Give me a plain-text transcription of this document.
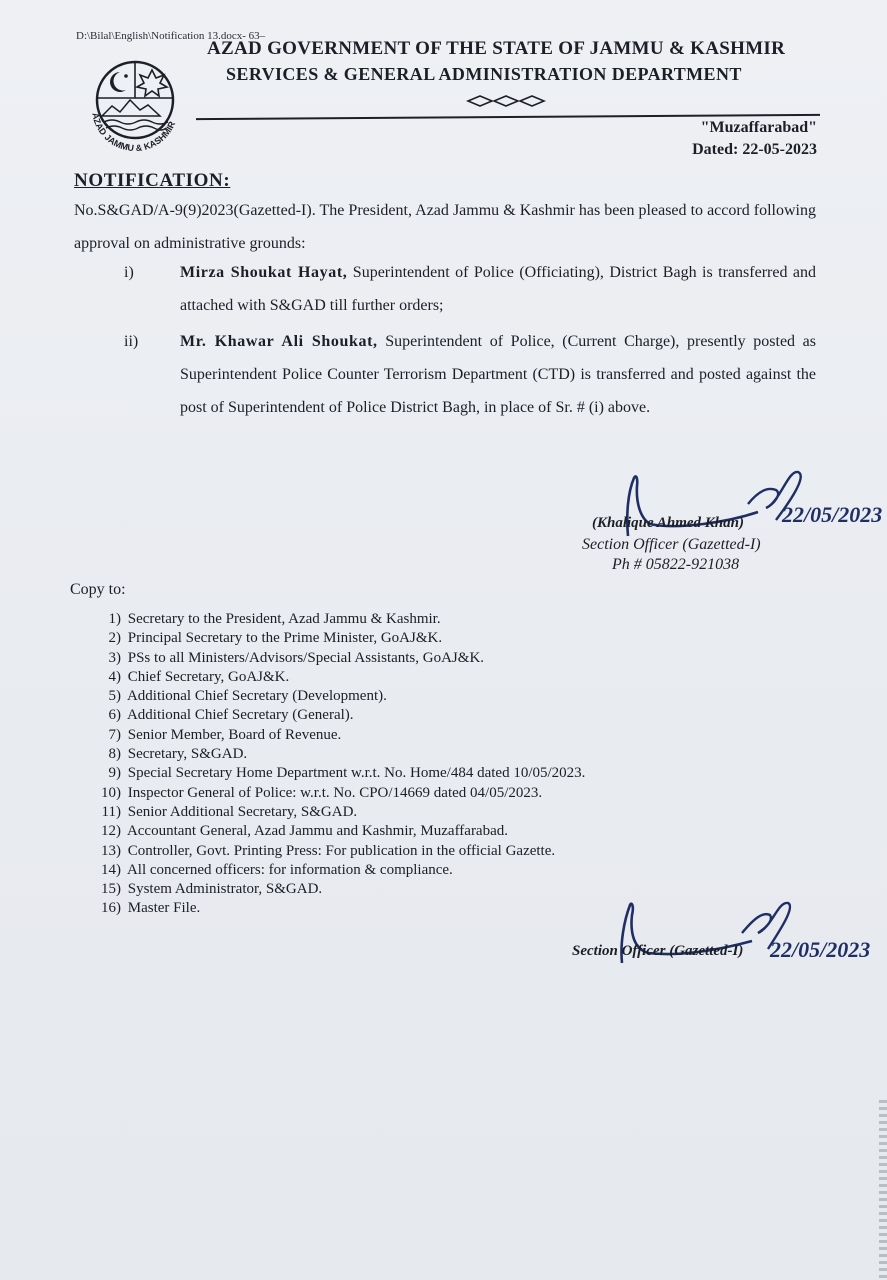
D:\Bilal\English\Notification 13.docx- 63–
AZAD JAMMU & KASHMIR
AZAD GOVERNMENT OF THE STATE OF JAMMU & KASHMIR
SERVICES & GENERAL ADMINISTRATION DEPARTMENT
"Muzaffarabad"
Dated: 22-05-2023
NOTIFICATION:
No.S&GAD/A-9(9)2023(Gazetted-I). The President, Azad Jammu & Kashmir has been pleased to accord following approval on administrative grounds:
i)	Mirza Shoukat Hayat, Superintendent of Police (Officiating), District Bagh is transferred and attached with S&GAD till further orders;
ii)	Mr. Khawar Ali Shoukat, Superintendent of Police, (Current Charge), presently posted as Superintendent Police Counter Terrorism Department (CTD) is transferred and posted against the post of Superintendent of Police District Bagh, in place of Sr. # (i) above.
22/05/2023
(Khalique Ahmed Khan)
Section Officer (Gazetted-I)
Ph # 05822-921038
Copy to:
1) Secretary to the President, Azad Jammu & Kashmir.
2) Principal Secretary to the Prime Minister, GoAJ&K.
3) PSs to all Ministers/Advisors/Special Assistants, GoAJ&K.
4) Chief Secretary, GoAJ&K.
5) Additional Chief Secretary (Development).
6) Additional Chief Secretary (General).
7) Senior Member, Board of Revenue.
8) Secretary, S&GAD.
9) Special Secretary Home Department w.r.t. No. Home/484 dated 10/05/2023.
10) Inspector General of Police: w.r.t. No. CPO/14669 dated 04/05/2023.
11) Senior Additional Secretary, S&GAD.
12) Accountant General, Azad Jammu and Kashmir, Muzaffarabad.
13) Controller, Govt. Printing Press: For publication in the official Gazette.
14) All concerned officers: for information & compliance.
15) System Administrator, S&GAD.
16) Master File.
22/05/2023
Section Officer (Gazetted-I)
